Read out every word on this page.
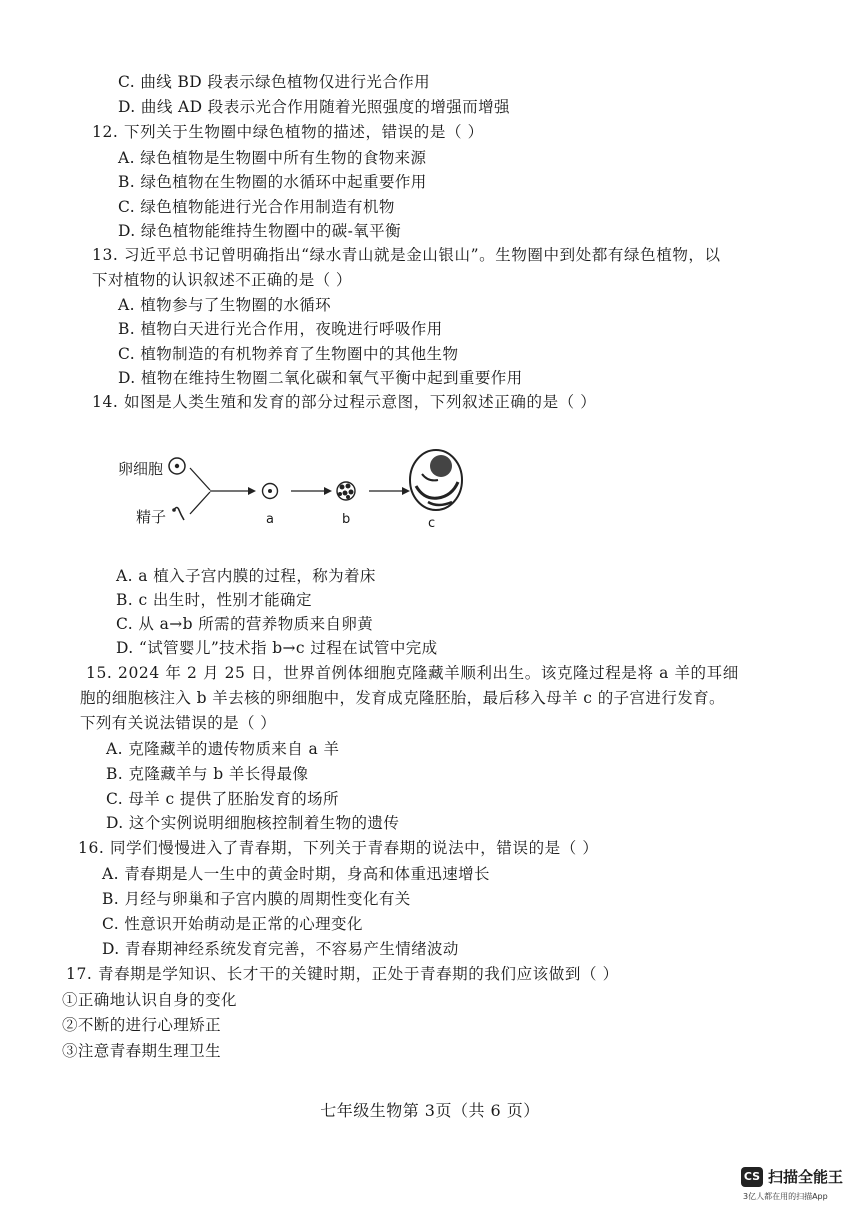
C. 曲线 BD 段表示绿色植物仅进行光合作用
D. 曲线 AD 段表示光合作用随着光照强度的增强而增强
12. 下列关于生物圈中绿色植物的描述，错误的是（ ）
A. 绿色植物是生物圈中所有生物的食物来源
B. 绿色植物在生物圈的水循环中起重要作用
C. 绿色植物能进行光合作用制造有机物
D. 绿色植物能维持生物圈中的碳-氧平衡
13. 习近平总书记曾明确指出“绿水青山就是金山银山”。生物圈中到处都有绿色植物，以
下对植物的认识叙述不正确的是（ ）
A. 植物参与了生物圈的水循环
B. 植物白天进行光合作用，夜晚进行呼吸作用
C. 植物制造的有机物养育了生物圈中的其他生物
D. 植物在维持生物圈二氧化碳和氧气平衡中起到重要作用
14. 如图是人类生殖和发育的部分过程示意图，下列叙述正确的是（ ）
卵细胞
精子	a	b	c
A. a 植入子宫内膜的过程，称为着床
B. c 出生时，性别才能确定
C. 从 a→b 所需的营养物质来自卵黄
D. “试管婴儿”技术指 b→c 过程在试管中完成
15. 2024 年 2 月 25 日，世界首例体细胞克隆藏羊顺利出生。该克隆过程是将 a 羊的耳细
胞的细胞核注入 b 羊去核的卵细胞中，发育成克隆胚胎，最后移入母羊 c 的子宫进行发育。
下列有关说法错误的是（ ）
A. 克隆藏羊的遗传物质来自 a 羊
B. 克隆藏羊与 b 羊长得最像
C. 母羊 c 提供了胚胎发育的场所
D. 这个实例说明细胞核控制着生物的遗传
16. 同学们慢慢进入了青春期，下列关于青春期的说法中，错误的是（ ）
A. 青春期是人一生中的黄金时期，身高和体重迅速增长
B. 月经与卵巢和子宫内膜的周期性变化有关
C. 性意识开始萌动是正常的心理变化
D. 青春期神经系统发育完善，不容易产生情绪波动
17. 青春期是学知识、长才干的关键时期，正处于青春期的我们应该做到（ ）
①正确地认识自身的变化
②不断的进行心理矫正
③注意青春期生理卫生
七年级生物第 3页（共 6 页）
CS 扫描全能王
3亿人都在用的扫描App
